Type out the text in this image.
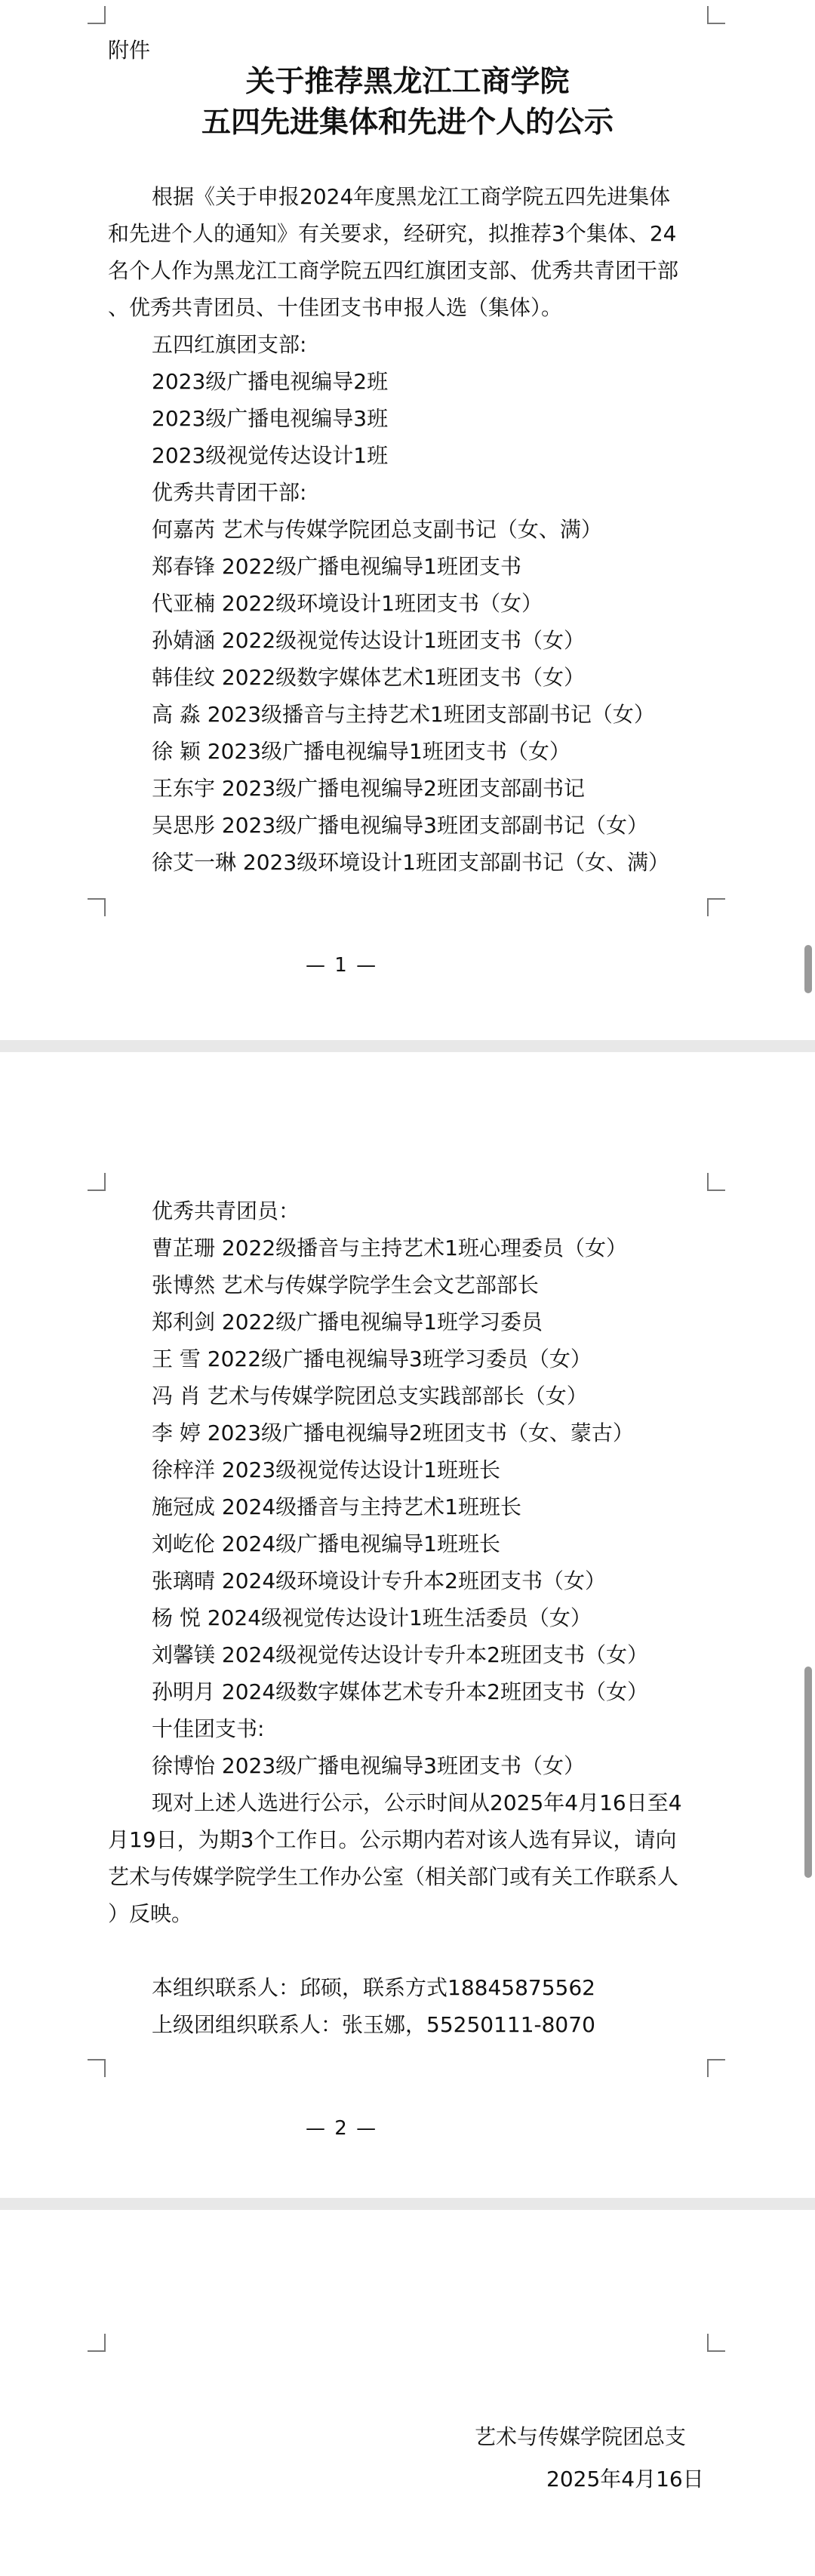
附件
关于推荐黑龙江工商学院
五四先进集体和先进个人的公示
根据《关于申报2024年度黑龙江工商学院五四先进集体
和先进个人的通知》有关要求，经研究，拟推荐3个集体、24
名个人作为黑龙江工商学院五四红旗团支部、优秀共青团干部
、优秀共青团员、十佳团支书申报人选（集体）。
五四红旗团支部:
2023级广播电视编导2班
2023级广播电视编导3班
2023级视觉传达设计1班
优秀共青团干部:
何嘉芮 艺术与传媒学院团总支副书记（女、满）
郑春锋 2022级广播电视编导1班团支书
代亚楠 2022级环境设计1班团支书（女）
孙婧涵 2022级视觉传达设计1班团支书（女）
韩佳纹 2022级数字媒体艺术1班团支书（女）
高 淼 2023级播音与主持艺术1班团支部副书记（女）
徐 颖 2023级广播电视编导1班团支书（女）
王东宇 2023级广播电视编导2班团支部副书记
吴思彤 2023级广播电视编导3班团支部副书记（女）
徐艾一琳 2023级环境设计1班团支部副书记（女、满）
— 1 —
优秀共青团员：
曹芷珊 2022级播音与主持艺术1班心理委员（女）
张博然 艺术与传媒学院学生会文艺部部长
郑利剑 2022级广播电视编导1班学习委员
王 雪 2022级广播电视编导3班学习委员（女）
冯 肖 艺术与传媒学院团总支实践部部长（女）
李 婷 2023级广播电视编导2班团支书（女、蒙古）
徐梓洋 2023级视觉传达设计1班班长
施冠成 2024级播音与主持艺术1班班长
刘屹伦 2024级广播电视编导1班班长
张璃晴 2024级环境设计专升本2班团支书（女）
杨 悦 2024级视觉传达设计1班生活委员（女）
刘馨镁 2024级视觉传达设计专升本2班团支书（女）
孙明月 2024级数字媒体艺术专升本2班团支书（女）
十佳团支书:
徐博怡 2023级广播电视编导3班团支书（女）
现对上述人选进行公示，公示时间从2025年4月16日至4
月19日，为期3个工作日。公示期内若对该人选有异议，请向
艺术与传媒学院学生工作办公室（相关部门或有关工作联系人
）反映。
本组织联系人：邱硕，联系方式18845875562
上级团组织联系人：张玉娜，55250111-8070
— 2 —
艺术与传媒学院团总支
2025年4月16日
